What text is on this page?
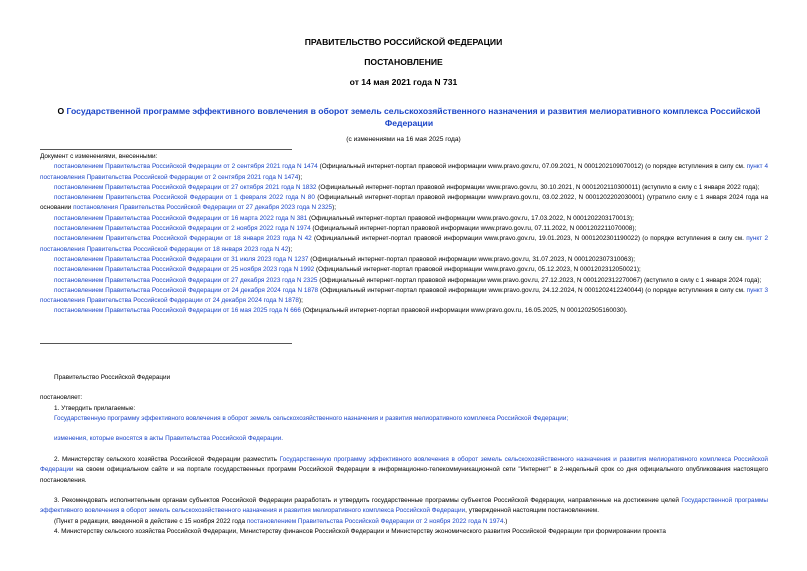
ПРАВИТЕЛЬСТВО РОССИЙСКОЙ ФЕДЕРАЦИИ
ПОСТАНОВЛЕНИЕ
от 14 мая 2021 года N 731
О Государственной программе эффективного вовлечения в оборот земель сельскохозяйственного назначения и развития мелиоративного комплекса Российской Федерации
(с изменениями на 16 мая 2025 года)

Документ с изменениями, внесенными:

постановлением Правительства Российской Федерации от 2 сентября 2021 года N 1474 (Официальный интернет-портал правовой информации www.pravo.gov.ru, 07.09.2021, N 0001202109070012) (о порядке вступления в силу см. пункт 4 постановления Правительства Российской Федерации от 2 сентября 2021 года N 1474);

постановлением Правительства Российской Федерации от 27 октября 2021 года N 1832 (Официальный интернет-портал правовой информации www.pravo.gov.ru, 30.10.2021, N 0001202110300011) (вступило в силу с 1 января 2022 года);

постановлением Правительства Российской Федерации от 1 февраля 2022 года N 80 (Официальный интернет-портал правовой информации www.pravo.gov.ru, 03.02.2022, N 0001202202030001) (утратило силу с 1 января 2024 года на основании постановления Правительства Российской Федерации от 27 декабря 2023 года N 2325);

постановлением Правительства Российской Федерации от 16 марта 2022 года N 381 (Официальный интернет-портал правовой информации www.pravo.gov.ru, 17.03.2022, N 0001202203170013);

постановлением Правительства Российской Федерации от 2 ноября 2022 года N 1974 (Официальный интернет-портал правовой информации www.pravo.gov.ru, 07.11.2022, N 0001202211070008);

постановлением Правительства Российской Федерации от 18 января 2023 года N 42 (Официальный интернет-портал правовой информации www.pravo.gov.ru, 19.01.2023, N 0001202301190022) (о порядке вступления в силу см. пункт 2 постановления Правительства Российской Федерации от 18 января 2023 года N 42);

постановлением Правительства Российской Федерации от 31 июля 2023 года N 1237 (Официальный интернет-портал правовой информации www.pravo.gov.ru, 31.07.2023, N 0001202307310063);

постановлением Правительства Российской Федерации от 25 ноября 2023 года N 1992 (Официальный интернет-портал правовой информации www.pravo.gov.ru, 05.12.2023, N 0001202312050021);

постановлением Правительства Российской Федерации от 27 декабря 2023 года N 2325 (Официальный интернет-портал правовой информации www.pravo.gov.ru, 27.12.2023, N 0001202312270067) (вступило в силу с 1 января 2024 года);

постановлением Правительства Российской Федерации от 24 декабря 2024 года N 1878 (Официальный интернет-портал правовой информации www.pravo.gov.ru, 24.12.2024, N 0001202412240044) (о порядке вступления в силу см. пункт 3 постановления Правительства Российской Федерации от 24 декабря 2024 года N 1878);

постановлением Правительства Российской Федерации от 16 мая 2025 года N 666 (Официальный интернет-портал правовой информации www.pravo.gov.ru, 16.05.2025, N 0001202505160030).

Правительство Российской Федерации
постановляет:
1. Утвердить прилагаемые:
Государственную программу эффективного вовлечения в оборот земель сельскохозяйственного назначения и развития мелиоративного комплекса Российской Федерации;
изменения, которые вносятся в акты Правительства Российской Федерации.
2. Министерству сельского хозяйства Российской Федерации разместить Государственную программу эффективного вовлечения в оборот земель сельскохозяйственного назначения и развития мелиоративного комплекса Российской Федерации на своем официальном сайте и на портале государственных программ Российской Федерации в информационно-телекоммуникационной сети "Интернет" в 2-недельный срок со дня официального опубликования настоящего постановления.
3. Рекомендовать исполнительным органам субъектов Российской Федерации разработать и утвердить государственные программы субъектов Российской Федерации, направленные на достижение целей Государственной программы эффективного вовлечения в оборот земель сельскохозяйственного назначения и развития мелиоративного комплекса Российской Федерации, утвержденной настоящим постановлением.
(Пункт в редакции, введенной в действие с 15 ноября 2022 года постановлением Правительства Российской Федерации от 2 ноября 2022 года N 1974.)
4. Министерству сельского хозяйства Российской Федерации, Министерству финансов Российской Федерации и Министерству экономического развития Российской Федерации при формировании проекта
